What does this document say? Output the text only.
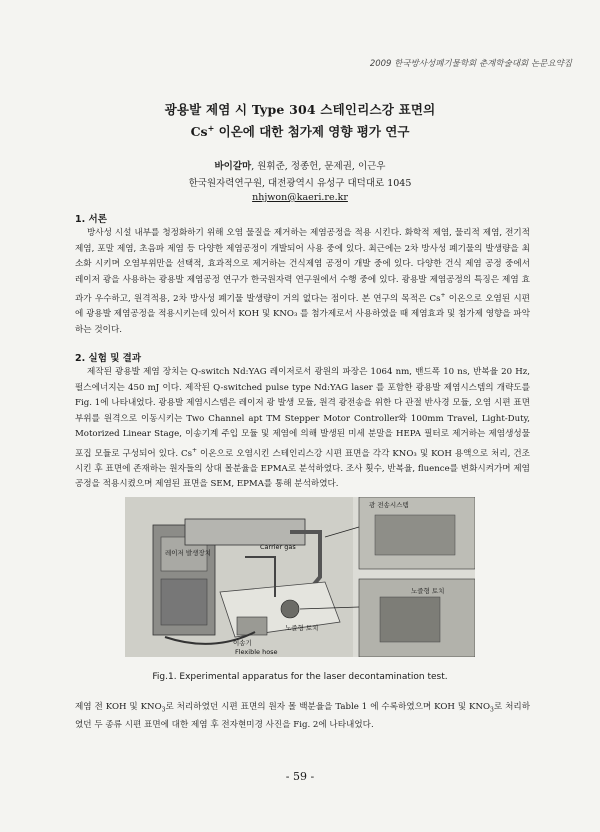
2009 한국방사성폐기물학회 춘계학술대회 논문요약집
광용발 제염 시 Type 304 스테인리스강 표면의
Cs+ 이온에 대한 첨가제 영향 평가 연구
바이갈마, 원휘준, 정종헌, 문제권, 이근우
한국원자력연구원, 대전광역시 유성구 대덕대로 1045
nhjwon@kaeri.re.kr
1. 서론
방사성 시설 내부를 청정화하기 위해 오염 물질을 제거하는 제염공정을 적용 시킨다. 화학적 제염, 물리적 제염, 전기적 제염, 포말 제염, 초음파 제염 등 다양한 제염공정이 개발되어 사용 중에 있다. 최근에는 2차 방사성 폐기물의 발생량을 최소화 시키며 오염부위만을 선택적, 효과적으로 제거하는 건식제염 공정이 개발 중에 있다. 다양한 건식 제염 공정 중에서 레이저 광을 사용하는 광용발 제염공정 연구가 한국원자력 연구원에서 수행 중에 있다. 광용발 제염공정의 특징은 제염 효과가 우수하고, 원격적용, 2차 방사성 폐기물 발생량이 거의 없다는 점이다. 본 연구의 목적은 Cs+ 이온으로 오염된 시편에 광용발 제염공정을 적용시키는데 있어서 KOH 및 KNO₃ 를 첨가제로서 사용하였을 때 제염효과 및 첨가제 영향을 파악하는 것이다.
2. 실험 및 결과
제작된 광용발 제염 장치는 Q-switch Nd:YAG 레이저로서 광원의 파장은 1064 nm, 밴드폭 10 ns, 반복율 20 Hz, 펄스에너지는 450 mJ 이다. 제작된 Q-switched pulse type Nd:YAG laser 를 포함한 광용발 제염시스템의 개략도를 Fig. 1에 나타내었다. 광용발 제염시스템은 레이저 광 발생 모듈, 원격 광전송을 위한 다 관절 반사경 모듈, 오염 시편 표면 부위를 원격으로 이동시키는 Two Channel apt TM Stepper Motor Controller와 100mm Travel, Light-Duty, Motorized Linear Stage, 이송기계 주입 모듈 및 제염에 의해 발생된 미세 분말을 HEPA 필터로 제거하는 제염생성물 포집 모듈로 구성되어 있다. Cs+ 이온으로 오염시킨 스테인리스강 시편 표면을 각각 KNO₃ 및 KOH 용액으로 처리, 건조시킨 후 표면에 존재하는 원자들의 상대 몰분율을 EPMA로 분석하였다. 조사 횟수, 반복율, fluence를 변화시켜가며 제염공정을 적용시켰으며 제염된 표면을 SEM, EPMA를 통해 분석하였다.
레이저 발생장치
Carrier gas
노즐형 토치
이송기
Flexible hose
광 전송시스템
노즐형 토치
Fig.1. Experimental apparatus for the laser decontamination test.
제염 전 KOH 및 $KNO_3$로 처리하였던 시편 표면의 원자 몰 백분율을 Table 1 에 수록하였으며 KOH 및 $KNO_3$로 처리하였던 두 종류 시편 표면에 대한 제염 후 전자현미경 사진을 Fig. 2에 나타내었다.
- 59 -
